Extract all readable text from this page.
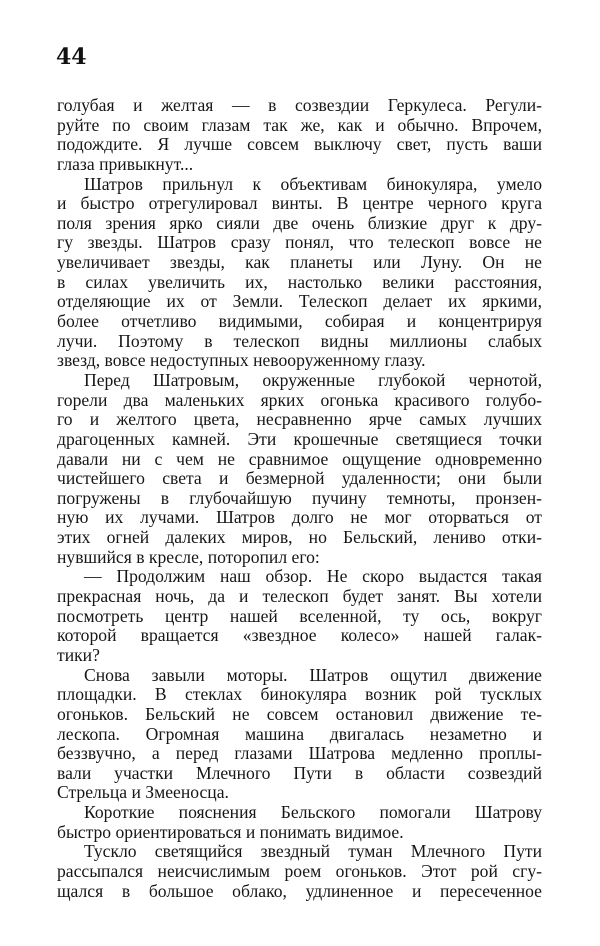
44
голубая и желтая — в созвездии Геркулеса. Регули-
руйте по своим глазам так же, как и обычно. Впрочем,
подождите. Я лучше совсем выключу свет, пусть ваши
глаза привыкнут...
Шатров прильнул к объективам бинокуляра, умело
и быстро отрегулировал винты. В центре черного круга
поля зрения ярко сияли две очень близкие друг к дру-
гу звезды. Шатров сразу понял, что телескоп вовсе не
увеличивает звезды, как планеты или Луну. Он не
в силах увеличить их, настолько велики расстояния,
отделяющие их от Земли. Телескоп делает их яркими,
более отчетливо видимыми, собирая и концентрируя
лучи. Поэтому в телескоп видны миллионы слабых
звезд, вовсе недоступных невооруженному глазу.
Перед Шатровым, окруженные глубокой чернотой,
горели два маленьких ярких огонька красивого голубо-
го и желтого цвета, несравненно ярче самых лучших
драгоценных камней. Эти крошечные светящиеся точки
давали ни с чем не сравнимое ощущение одновременно
чистейшего света и безмерной удаленности; они были
погружены в глубочайшую пучину темноты, пронзен-
ную их лучами. Шатров долго не мог оторваться от
этих огней далеких миров, но Бельский, лениво отки-
нувшийся в кресле, поторопил его:
— Продолжим наш обзор. Не скоро выдастся такая
прекрасная ночь, да и телескоп будет занят. Вы хотели
посмотреть центр нашей вселенной, ту ось, вокруг
которой вращается «звездное колесо» нашей галак-
тики?
Снова завыли моторы. Шатров ощутил движение
площадки. В стеклах бинокуляра возник рой тусклых
огоньков. Бельский не совсем остановил движение те-
лескопа. Огромная машина двигалась незаметно и
беззвучно, а перед глазами Шатрова медленно проплы-
вали участки Млечного Пути в области созвездий
Стрельца и Змееносца.
Короткие пояснения Бельского помогали Шатрову
быстро ориентироваться и понимать видимое.
Тускло светящийся звездный туман Млечного Пути
рассыпался неисчислимым роем огоньков. Этот рой сгу-
щался в большое облако, удлиненное и пересеченное
